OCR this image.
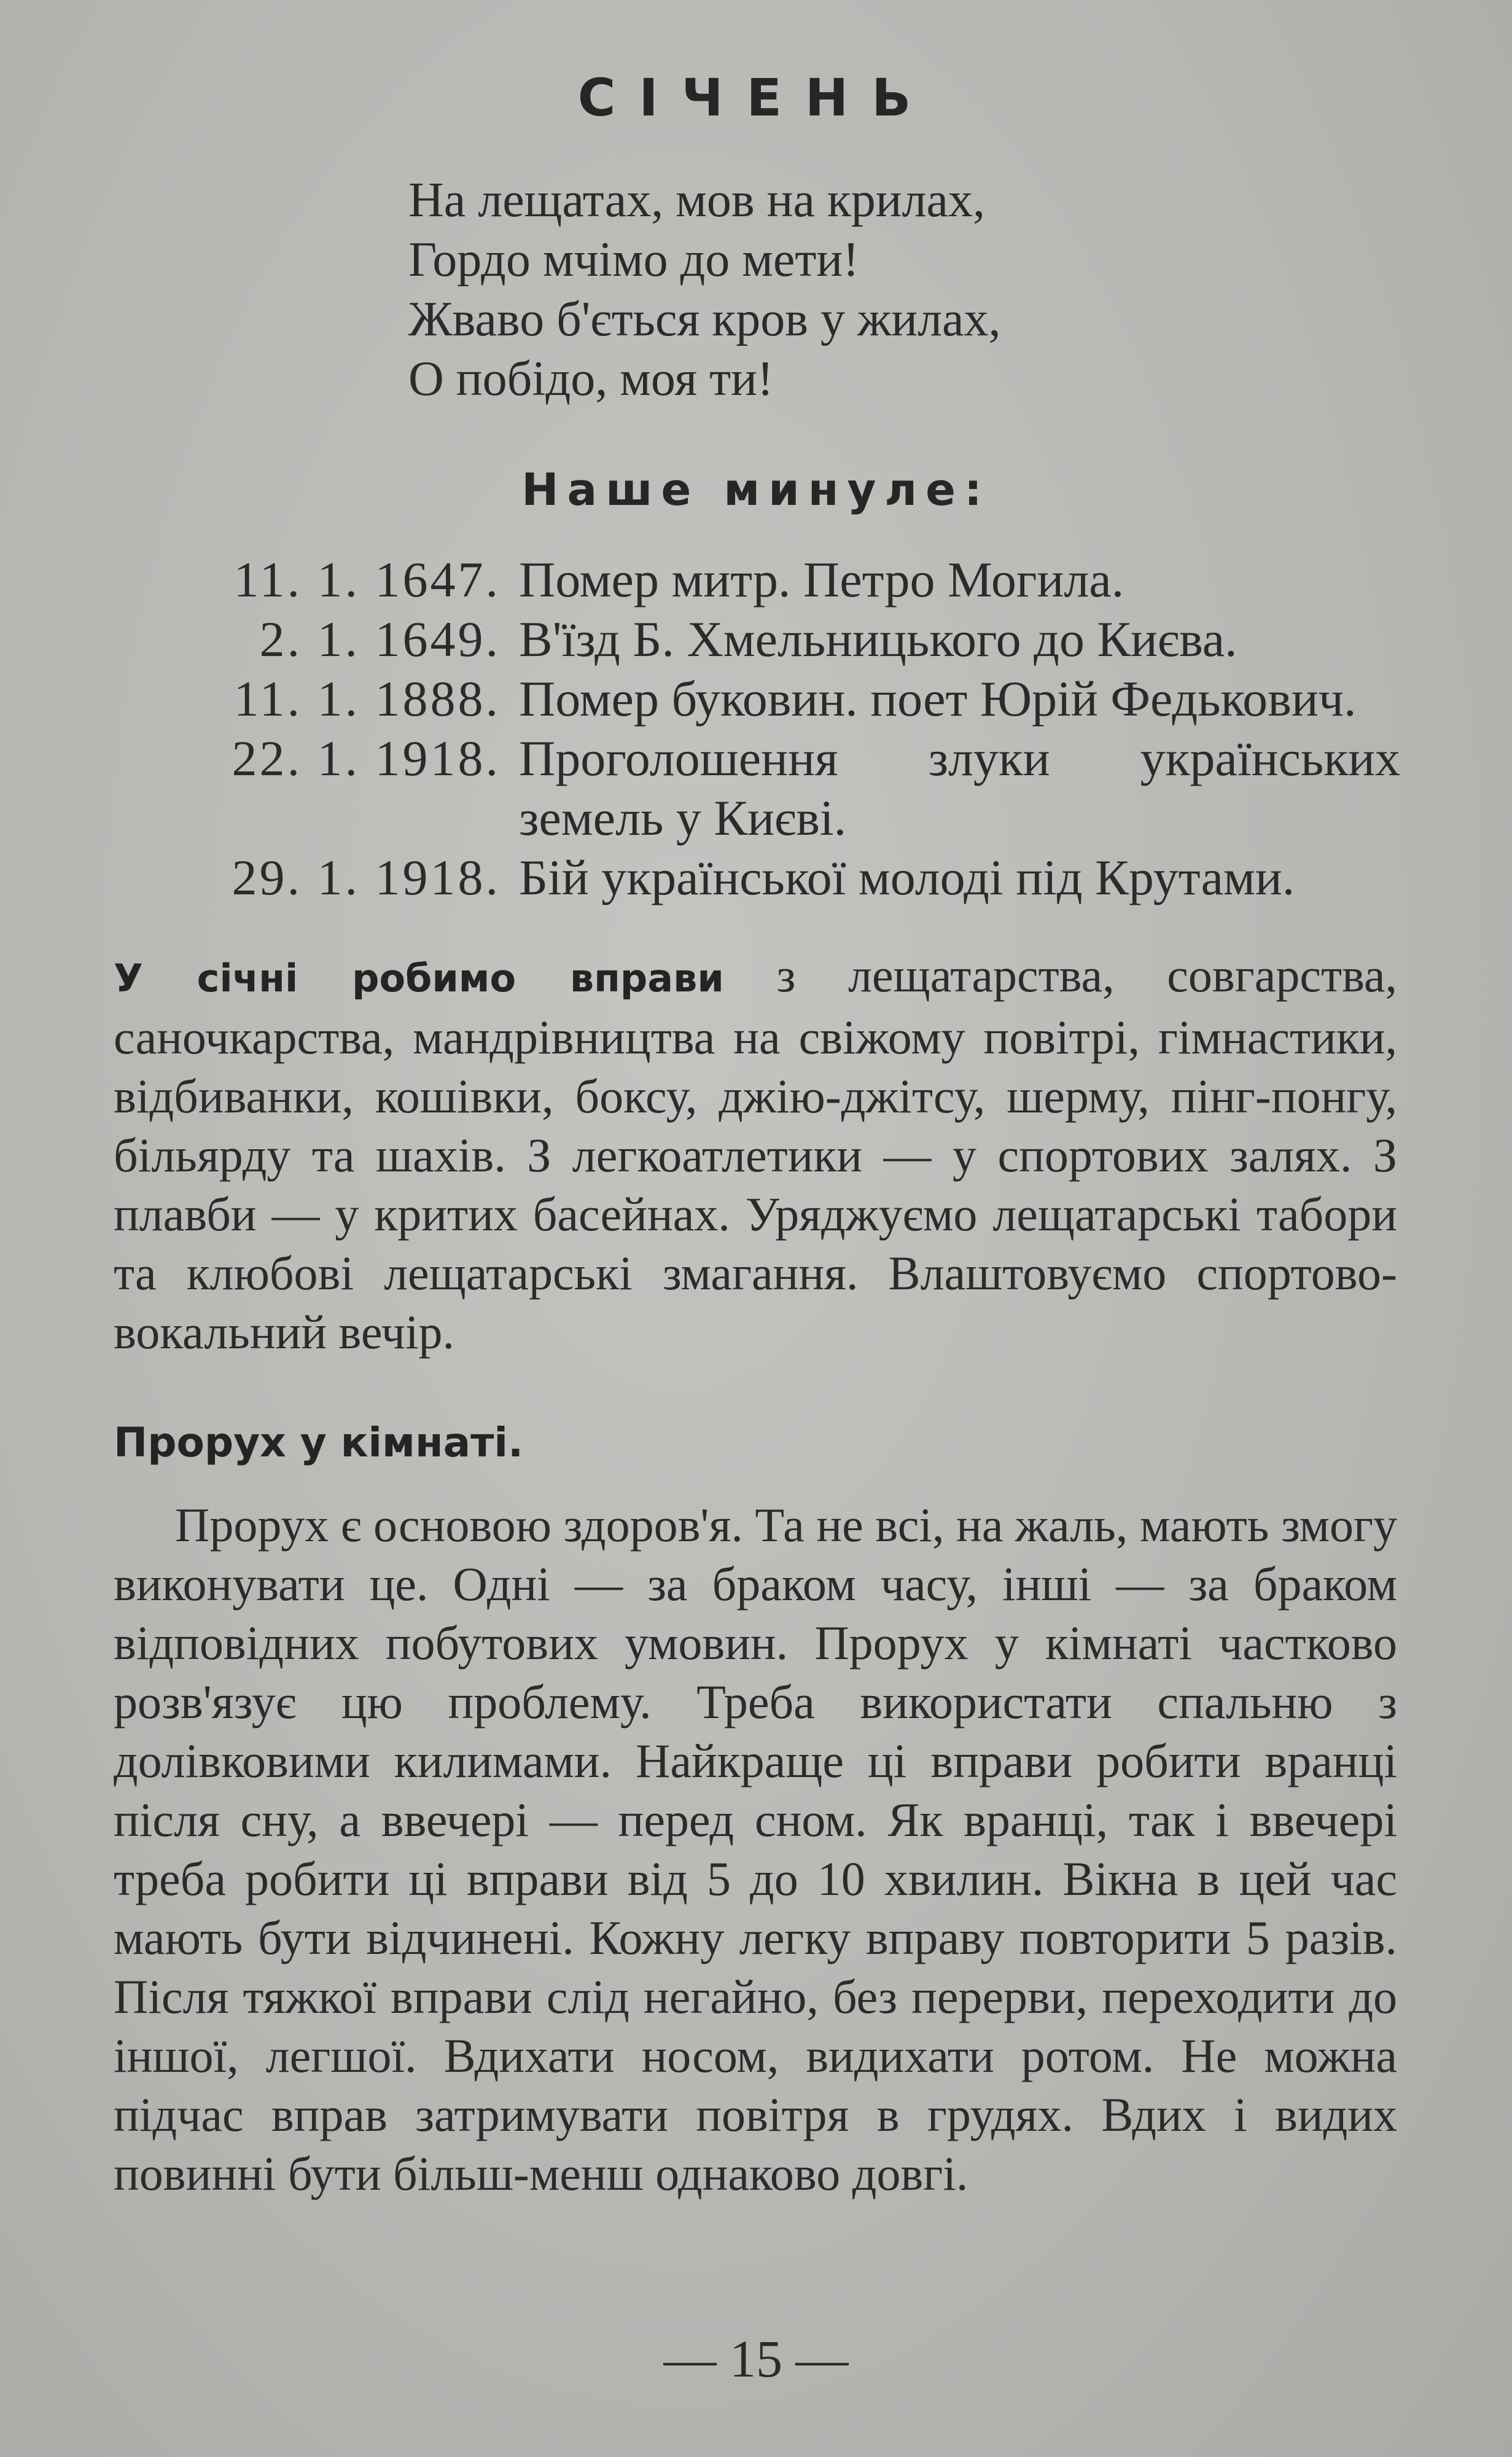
СІЧЕНЬ
На лещатах, мов на крилах,
Гордо мчімо до мети!
Жваво б'ється кров у жилах,
О побідо, моя ти!
Наше минуле:
11. 1. 1647. Помер митр. Петро Могила.
2. 1. 1649. В'їзд Б. Хмельницького до Києва.
11. 1. 1888. Помер буковин. поет Юрій Федькович.
22. 1. 1918. Проголошення злуки українських земель у Києві.
29. 1. 1918. Бій української молоді під Крутами.
У січні робимо вправи з лещатарства, совгарства, саночкарства, мандрівництва на свіжому повітрі, гімнастики, відбиванки, кошівки, боксу, джію-джітсу, шерму, пінг-понгу, більярду та шахів. З легкоатлетики — у спортових залях. З плавби — у критих басейнах. Уряджуємо лещатарські табори та клюбові лещатарські змагання. Влаштовуємо спортово-вокальний вечір.
Прорух у кімнаті.
Прорух є основою здоров'я. Та не всі, на жаль, мають змогу виконувати це. Одні — за браком часу, інші — за браком відповідних побутових умовин. Прорух у кімнаті частково розв'язує цю проблему. Треба використати спальню з долівковими килимами. Найкраще ці вправи робити вранці після сну, а ввечері — перед сном. Як вранці, так і ввечері треба робити ці вправи від 5 до 10 хвилин. Вікна в цей час мають бути відчинені. Кожну легку вправу повторити 5 разів. Після тяжкої вправи слід негайно, без перерви, переходити до іншої, легшої. Вдихати носом, видихати ротом. Не можна підчас вправ затримувати повітря в грудях. Вдих і видих повинні бути більш-менш однаково довгі.
— 15 —
